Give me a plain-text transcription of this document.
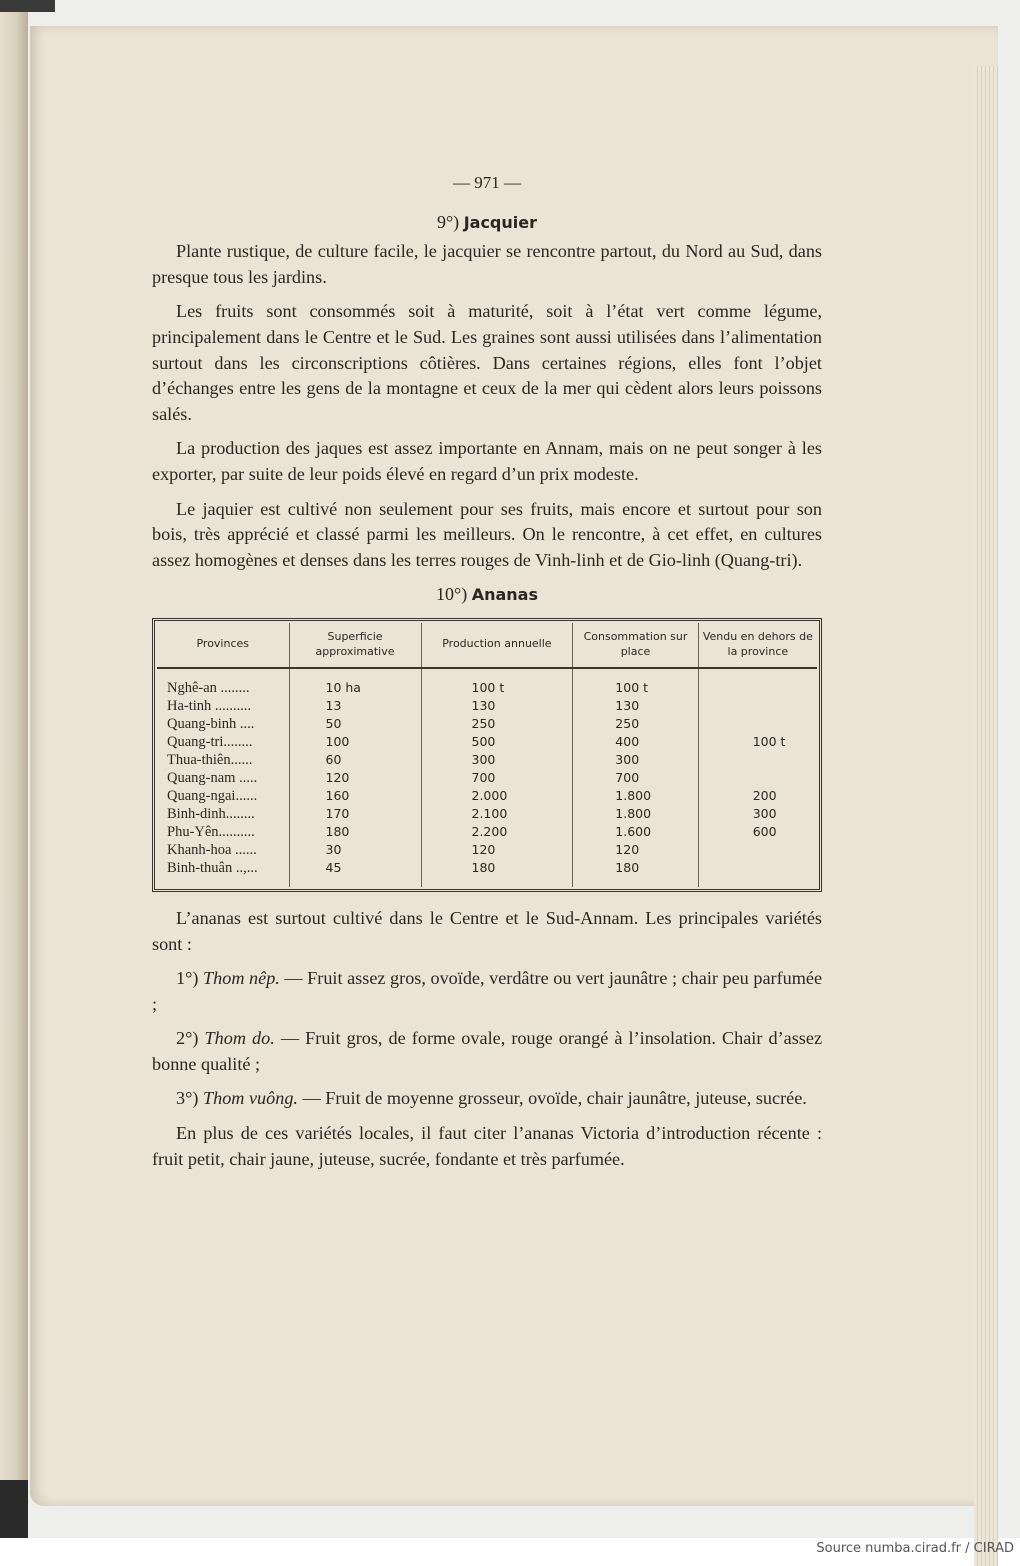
— 971 —
9°) Jacquier

Plante rustique, de culture facile, le jacquier se rencontre partout, du Nord au Sud, dans presque tous les jardins.

Les fruits sont consommés soit à maturité, soit à l’état vert comme légume, principalement dans le Centre et le Sud. Les graines sont aussi utilisées dans l’alimentation surtout dans les circonscriptions côtières. Dans certaines régions, elles font l’objet d’échanges entre les gens de la montagne et ceux de la mer qui cèdent alors leurs poissons salés.

La production des jaques est assez importante en Annam, mais on ne peut songer à les exporter, par suite de leur poids élevé en regard d’un prix modeste.

Le jaquier est cultivé non seulement pour ses fruits, mais encore et surtout pour son bois, très apprécié et classé parmi les meilleurs. On le rencontre, à cet effet, en cultures assez homogènes et denses dans les terres rouges de Vinh-linh et de Gio-linh (Quang-tri).

10°) Ananas
Provinces	Superficie approximative	Production annuelle	Consommation sur place	Vendu en dehors de la province
Nghê-an ........	10 ha	100 t	100 t	
Ha-tinh ..........	13	130	130	
Quang-binh ....	50	250	250	
Quang-tri........	100	500	400	100 t
Thua-thiên......	60	300	300	
Quang-nam .....	120	700	700	
Quang-ngai......	160	2.000	1.800	200
Binh-dinh........	170	2.100	1.800	300
Phu-Yên..........	180	2.200	1.600	600
Khanh-hoa ......	30	120	120	
Binh-thuân ..,...	45	180	180	

L’ananas est surtout cultivé dans le Centre et le Sud-Annam. Les principales variétés sont :

1°) Thom nêp. — Fruit assez gros, ovoïde, verdâtre ou vert jaunâtre ; chair peu parfumée ;

2°) Thom do. — Fruit gros, de forme ovale, rouge orangé à l’insolation. Chair d’assez bonne qualité ;

3°) Thom vuông. — Fruit de moyenne grosseur, ovoïde, chair jaunâtre, juteuse, sucrée.

En plus de ces variétés locales, il faut citer l’ananas Victoria d’introduction récente : fruit petit, chair jaune, juteuse, sucrée, fondante et très parfumée.

Source numba.cirad.fr / CIRAD
